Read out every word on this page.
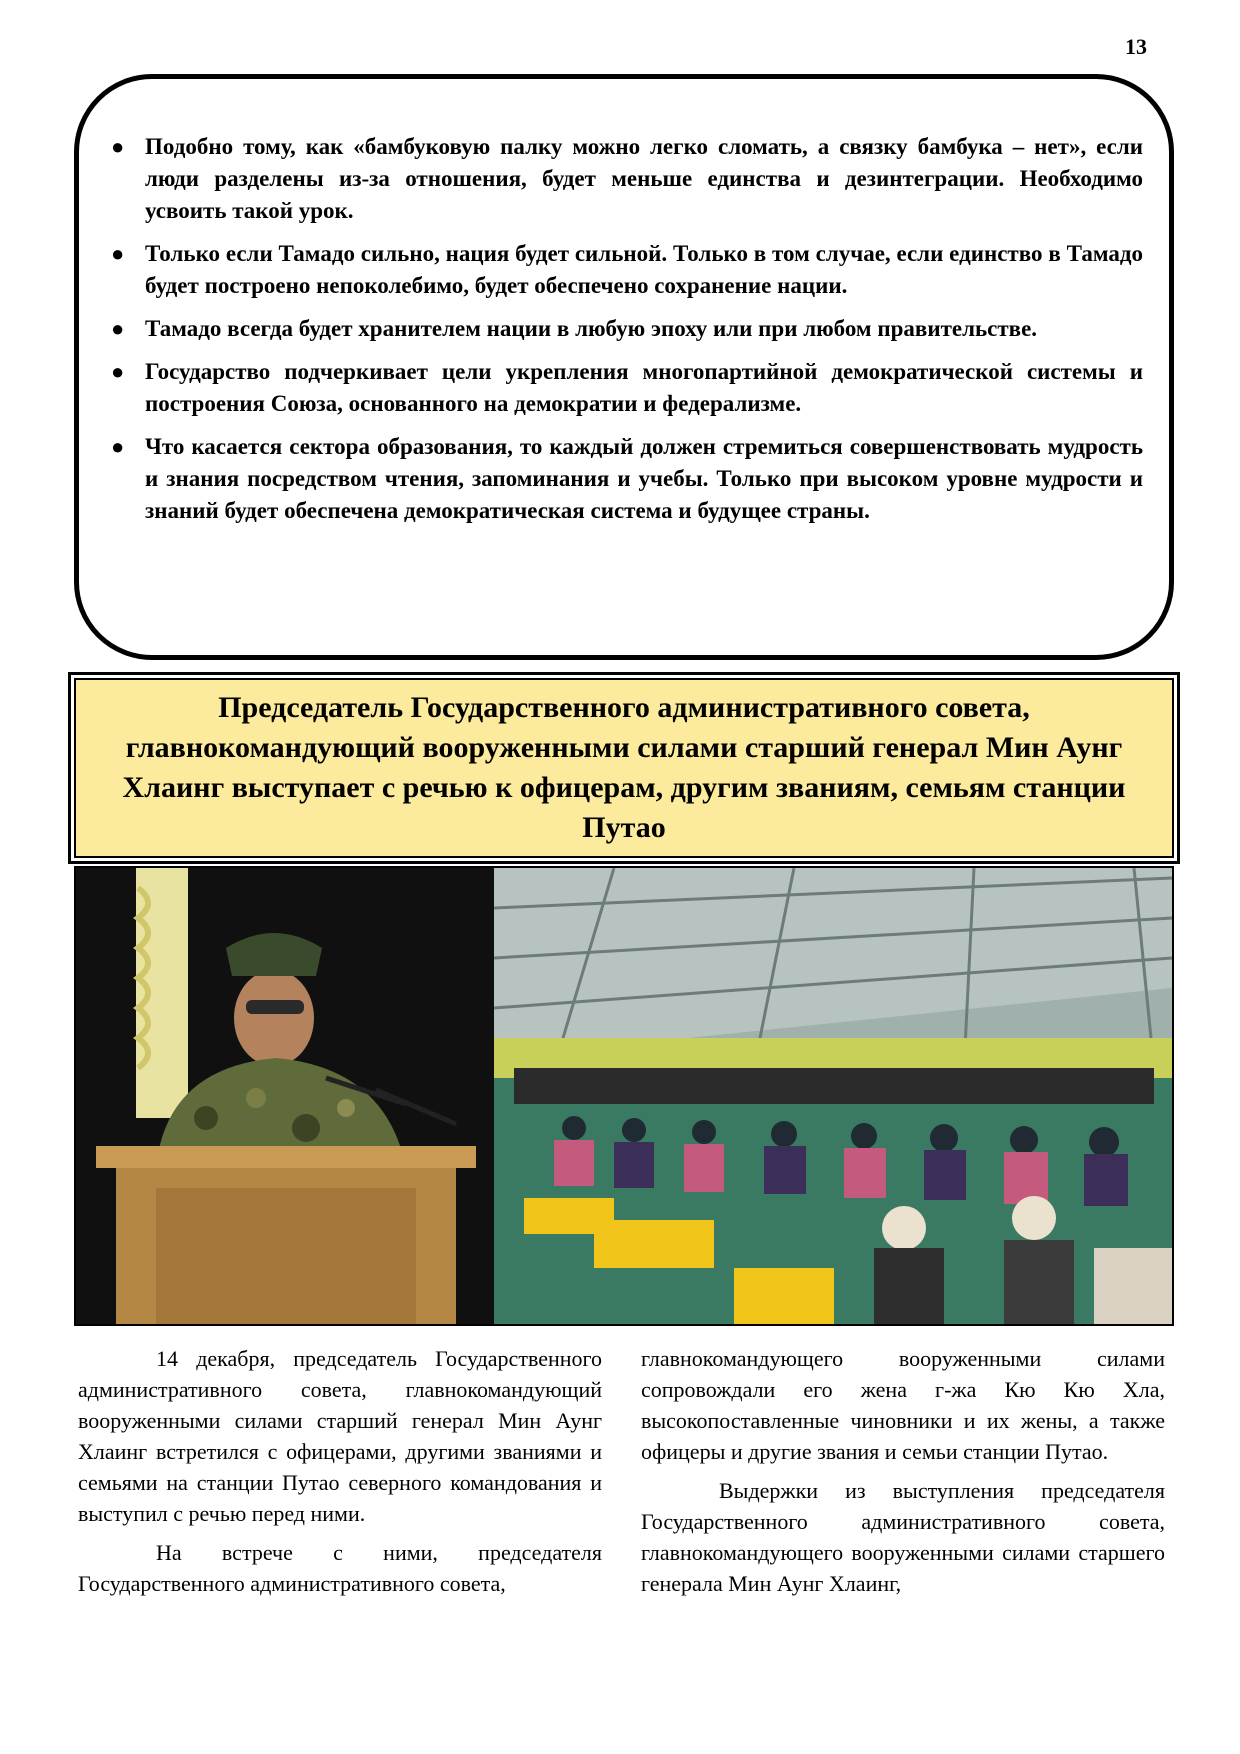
13
● Подобно тому, как «бамбуковую палку можно легко сломать, а связку бамбука – нет», если люди разделены из-за отношения, будет меньше единства и дезинтеграции. Необходимо усвоить такой урок.
● Только если Тамадо сильно, нация будет сильной. Только в том случае, если единство в Тамадо будет построено непоколебимо, будет обеспечено сохранение нации.
● Тамадо всегда будет хранителем нации в любую эпоху или при любом правительстве.
● Государство подчеркивает цели укрепления многопартийной демократической системы и построения Союза, основанного на демократии и федерализме.
● Что касается сектора образования, то каждый должен стремиться совершенствовать мудрость и знания посредством чтения, запоминания и учебы. Только при высоком уровне мудрости и знаний будет обеспечена демократическая система и будущее страны.
Председатель Государственного административного совета, главнокомандующий вооруженными силами старший генерал Мин Аунг Хлаинг выступает с речью к офицерам, другим званиям, семьям станции Путао

14 декабря, председатель Государственного административного совета, главнокомандующий вооруженными силами старший генерал Мин Аунг Хлаинг встретился с офицерами, другими званиями и семьями на станции Путао северного командования и выступил с речью перед ними.

На встрече с ними, председателя Государственного административного совета,

главнокомандующего вооруженными силами сопровождали его жена г-жа Кю Кю Хла, высокопоставленные чиновники и их жены, а также офицеры и другие звания и семьи станции Путао.

Выдержки из выступления председателя Государственного административного совета, главнокомандующего вооруженными силами старшего генерала Мин Аунг Хлаинг,
